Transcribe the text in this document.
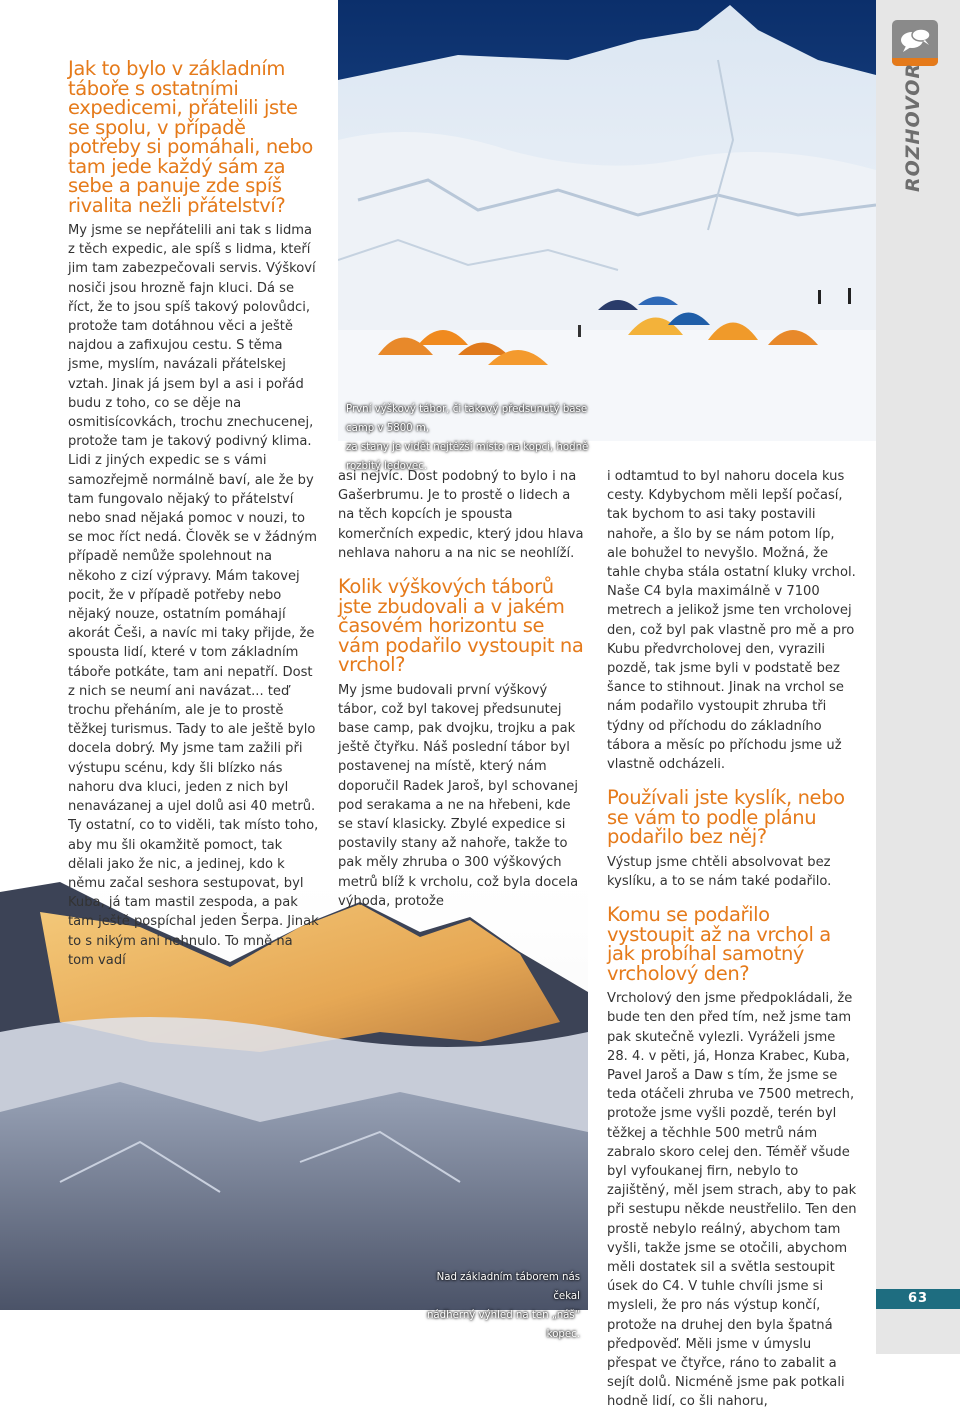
První výškový tábor, či takový předsunutý base camp v 5800 m,
za stany je vidět nejtěžší místo na kopci, hodně rozbitý ledovec.
Nad základním táborem nás čekal
nádherný výhled na ten „náš“ kopec.
Jak to bylo v základním táboře s ostatními expedicemi, přátelili jste se spolu, v případě potřeby si pomáhali, nebo tam jede každý sám za sebe a panuje zde spíš rivalita nežli přátelství?

My jsme se nepřátelili ani tak s lidma z těch expedic, ale spíš s lidma, kteří jim tam zabezpečovali servis. Výškoví nosiči jsou hrozně fajn kluci. Dá se říct, že to jsou spíš takový polovůdci, protože tam dotáhnou věci a ještě najdou a zafixujou cestu. S těma jsme, myslím, navázali přátelskej vztah. Jinak já jsem byl a asi i pořád budu z toho, co se děje na osmitisícovkách, trochu znechucenej, protože tam je takový podivný klima. Lidi z jiných expedic se s vámi samozřejmě normálně baví, ale že by tam fungovalo nějaký to přátelství nebo snad nějaká pomoc v nouzi, to se moc říct nedá. Člověk se v žádným případě nemůže spolehnout na někoho z cizí výpravy. Mám takovej pocit, že v případě potřeby nebo nějaký nouze, ostatním pomáhají akorát Češi, a navíc mi taky přijde, že spousta lidí, které v tom základním táboře potkáte, tam ani nepatří. Dost z nich se neumí ani navázat... teď trochu přeháním, ale je to prostě těžkej turismus. Tady to ale ještě bylo docela dobrý. My jsme tam zažili při výstupu scénu, kdy šli blízko nás nahoru dva kluci, jeden z nich byl nenavázanej a ujel dolů asi 40 metrů. Ty ostatní, co to viděli, tak místo toho, aby mu šli okamžitě pomoct, tak dělali jako že nic, a jedinej, kdo k němu začal seshora sestupovat, byl Kuba, já tam mastil zespoda, a pak tam ještě pospíchal jeden Šerpa. Jinak to s nikým ani nehnulo. To mně na tom vadí

asi nejvíc. Dost podobný to bylo i na Gašerbrumu. Je to prostě o lidech a na těch kopcích je spousta komerčních expedic, který jdou hlava nehlava nahoru a na nic se neohlíží.

Kolik výškových táborů jste zbudovali a v jakém časovém horizontu se vám podařilo vystoupit na vrchol?

My jsme budovali první výškový tábor, což byl takovej předsunutej base camp, pak dvojku, trojku a pak ještě čtyřku. Náš poslední tábor byl postavenej na místě, který nám doporučil Radek Jaroš, byl schovanej pod serakama a ne na hřebeni, kde se staví klasicky. Zbylé expedice si postavily stany až nahoře, takže to pak měly zhruba o 300 výškových metrů blíž k vrcholu, což byla docela výhoda, protože

i odtamtud to byl nahoru docela kus cesty. Kdybychom měli lepší počasí, tak bychom to asi taky postavili nahoře, a šlo by se nám potom líp, ale bohužel to nevyšlo. Možná, že tahle chyba stála ostatní kluky vrchol. Naše C4 byla maximálně v 7100 metrech a jelikož jsme ten vrcholovej den, což byl pak vlastně pro mě a pro Kubu předvrcholovej den, vyrazili pozdě, tak jsme byli v podstatě bez šance to stihnout. Jinak na vrchol se nám podařilo vystoupit zhruba tři týdny od příchodu do základního tábora a měsíc po příchodu jsme už vlastně odcházeli.

Používali jste kyslík, nebo se vám to podle plánu podařilo bez něj?

Výstup jsme chtěli absolvovat bez kyslíku, a to se nám také podařilo.

Komu se podařilo vystoupit až na vrchol a jak probíhal samotný vrcholový den?

Vrcholový den jsme předpokládali, že bude ten den před tím, než jsme tam pak skutečně vylezli. Vyráželi jsme 28. 4. v pěti, já, Honza Krabec, Kuba, Pavel Jaroš a Daw s tím, že jsme se teda otáčeli zhruba ve 7500 metrech, protože jsme vyšli pozdě, terén byl těžkej a těchhle 500 metrů nám zabralo skoro celej den. Téměř všude byl vyfoukanej firn, nebylo to zajištěný, měl jsem strach, aby to pak při sestupu někde neustřelilo. Ten den prostě nebylo reálný, abychom tam vyšli, takže jsme se otočili, abychom měli dostatek sil a světla sestoupit úsek do C4. V tuhle chvíli jsme si mysleli, že pro nás výstup končí, protože na druhej den byla špatná předpověď. Měli jsme v úmyslu přespat ve čtyřce, ráno to zabalit a sejít dolů. Nicméně jsme pak potkali hodně lidí, co šli nahoru,

ROZHOVOR
63
